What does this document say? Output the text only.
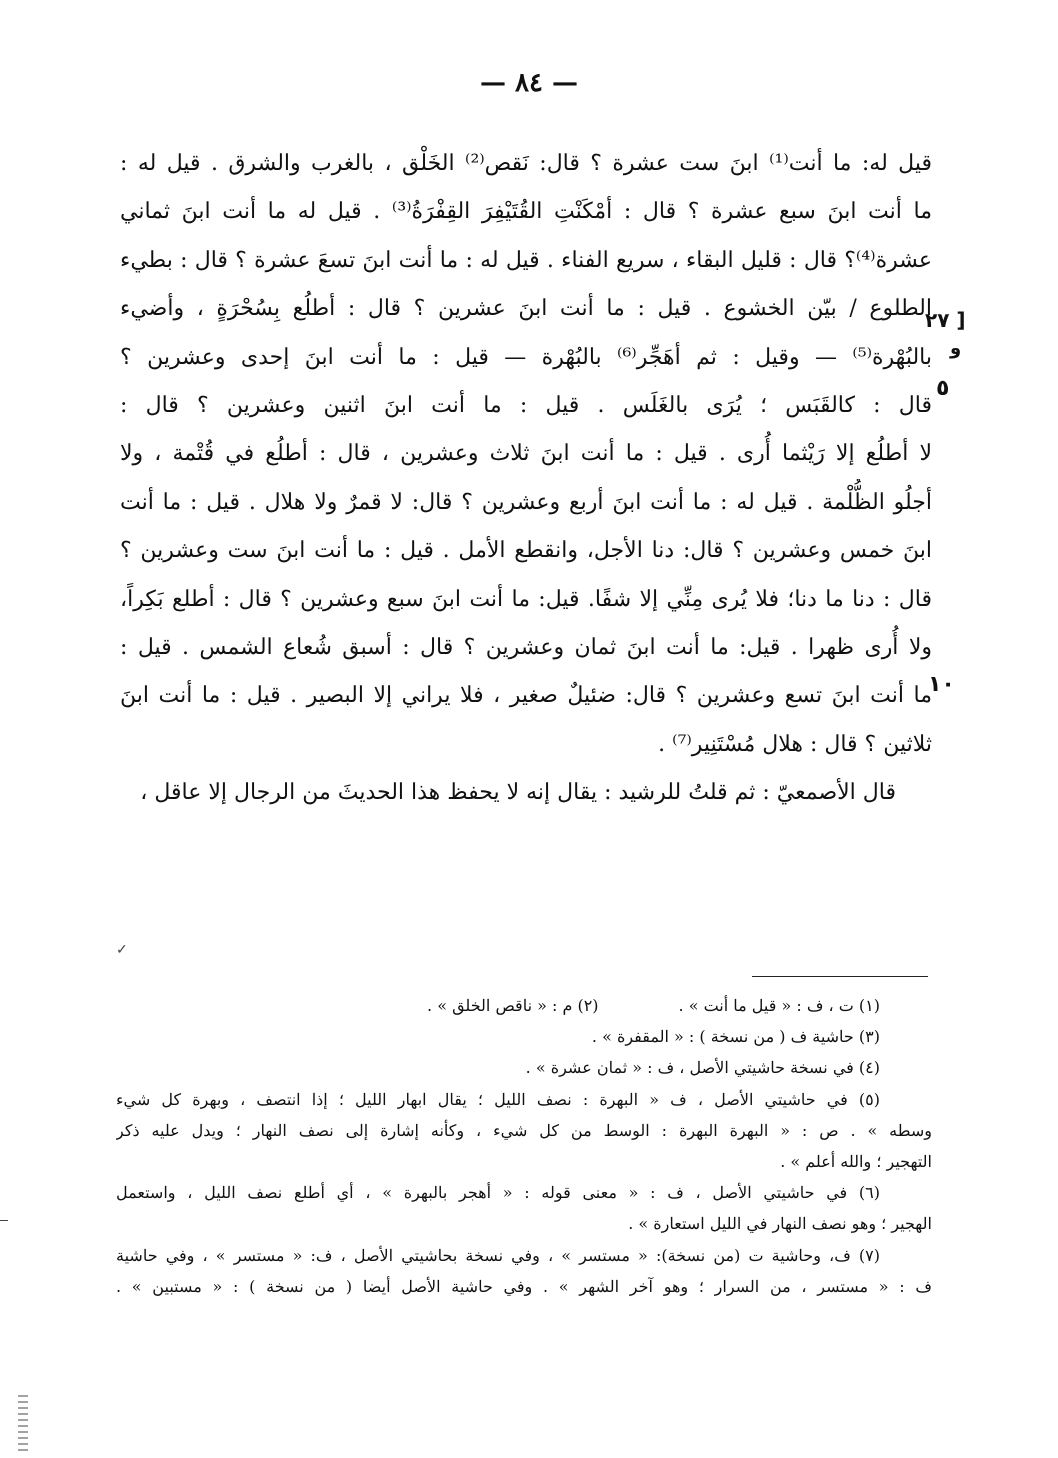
— ٨٤ —
[ ٢٧
و
٥
١٠
قيل له: ما أنت⁽¹⁾ ابنَ ست عشرة ؟ قال: نَقص⁽²⁾ الخَلْق ، بالغرب والشرق . قيل له :
ما أنت ابنَ سبع عشرة ؟ قال : أمْكَنْتِ القُتَيْفِرَ القِفْرَةُ⁽³⁾ . قيل له ما أنت ابنَ ثماني
عشرة⁽⁴⁾؟ قال : قليل البقاء ، سريع الفناء . قيل له : ما أنت ابنَ تسعَ عشرة ؟ قال : بطيء
الطلوع / بيّن الخشوع . قيل : ما أنت ابنَ عشرين ؟ قال : أطلُع بِسُحْرَةٍ ، وأضيء
بالبُهْرة⁽⁵⁾ — وقيل : ثم أهَجِّر⁽⁶⁾ بالبُهْرة — قيل : ما أنت ابنَ إحدى وعشرين ؟
قال : كالقَبَس ؛ يُرَى بالغَلَس . قيل : ما أنت ابنَ اثنين وعشرين ؟ قال :
لا أطلُع إلا رَيْثما أُرى . قيل : ما أنت ابنَ ثلاث وعشرين ، قال : أطلُع في قُتْمة ، ولا
أجلُو الظُّلْمة . قيل له : ما أنت ابنَ أربع وعشرين ؟ قال: لا قمرٌ ولا هلال . قيل : ما أنت
ابنَ خمس وعشرين ؟ قال: دنا الأجل، وانقطع الأمل . قيل : ما أنت ابنَ ست وعشرين ؟
قال : دنا ما دنا؛ فلا يُرى مِنِّي إلا شفًا. قيل: ما أنت ابنَ سبع وعشرين ؟ قال : أطلع بَكِراً،
ولا أُرى ظهرا . قيل: ما أنت ابنَ ثمان وعشرين ؟ قال : أسبق شُعاع الشمس . قيل :
ما أنت ابنَ تسع وعشرين ؟ قال: ضئيلٌ صغير ، فلا يراني إلا البصير . قيل : ما أنت ابنَ
ثلاثين ؟ قال : هلال مُسْتَنِير⁽⁷⁾ .
قال الأصمعيّ : ثم قلتُ للرشيد : يقال إنه لا يحفظ هذا الحديثَ من الرجال إلا عاقل ،
✓
(١) ت ، ف : « قيل ما أنت » .(٢) م : « ناقص الخلق » .
(٣) حاشية ف ( من نسخة ) : « المقفرة » .
(٤) في نسخة حاشيتي الأصل ، ف : « ثمان عشرة » .
(٥) في حاشيتي الأصل ، ف « البهرة : نصف الليل ؛ يقال ابهار الليل ؛ إذا انتصف ، وبهرة كل شيء
وسطه » . ص : « البهرة البهرة : الوسط من كل شيء ، وكأنه إشارة إلى نصف النهار ؛ ويدل عليه ذكر
التهجير ؛ والله أعلم » .
(٦) في حاشيتي الأصل ، ف : « معنى قوله : « أهجر بالبهرة » ، أي أطلع نصف الليل ، واستعمل
الهجير ؛ وهو نصف النهار في الليل استعارة » .
(٧) ف، وحاشية ت (من نسخة): « مستسر » ، وفي نسخة بحاشيتي الأصل ، ف: « مستسر » ، وفي حاشية
ف : « مستسر ، من السرار ؛ وهو آخر الشهر » . وفي حاشية الأصل أيضا ( من نسخة ) : « مستبين » .
